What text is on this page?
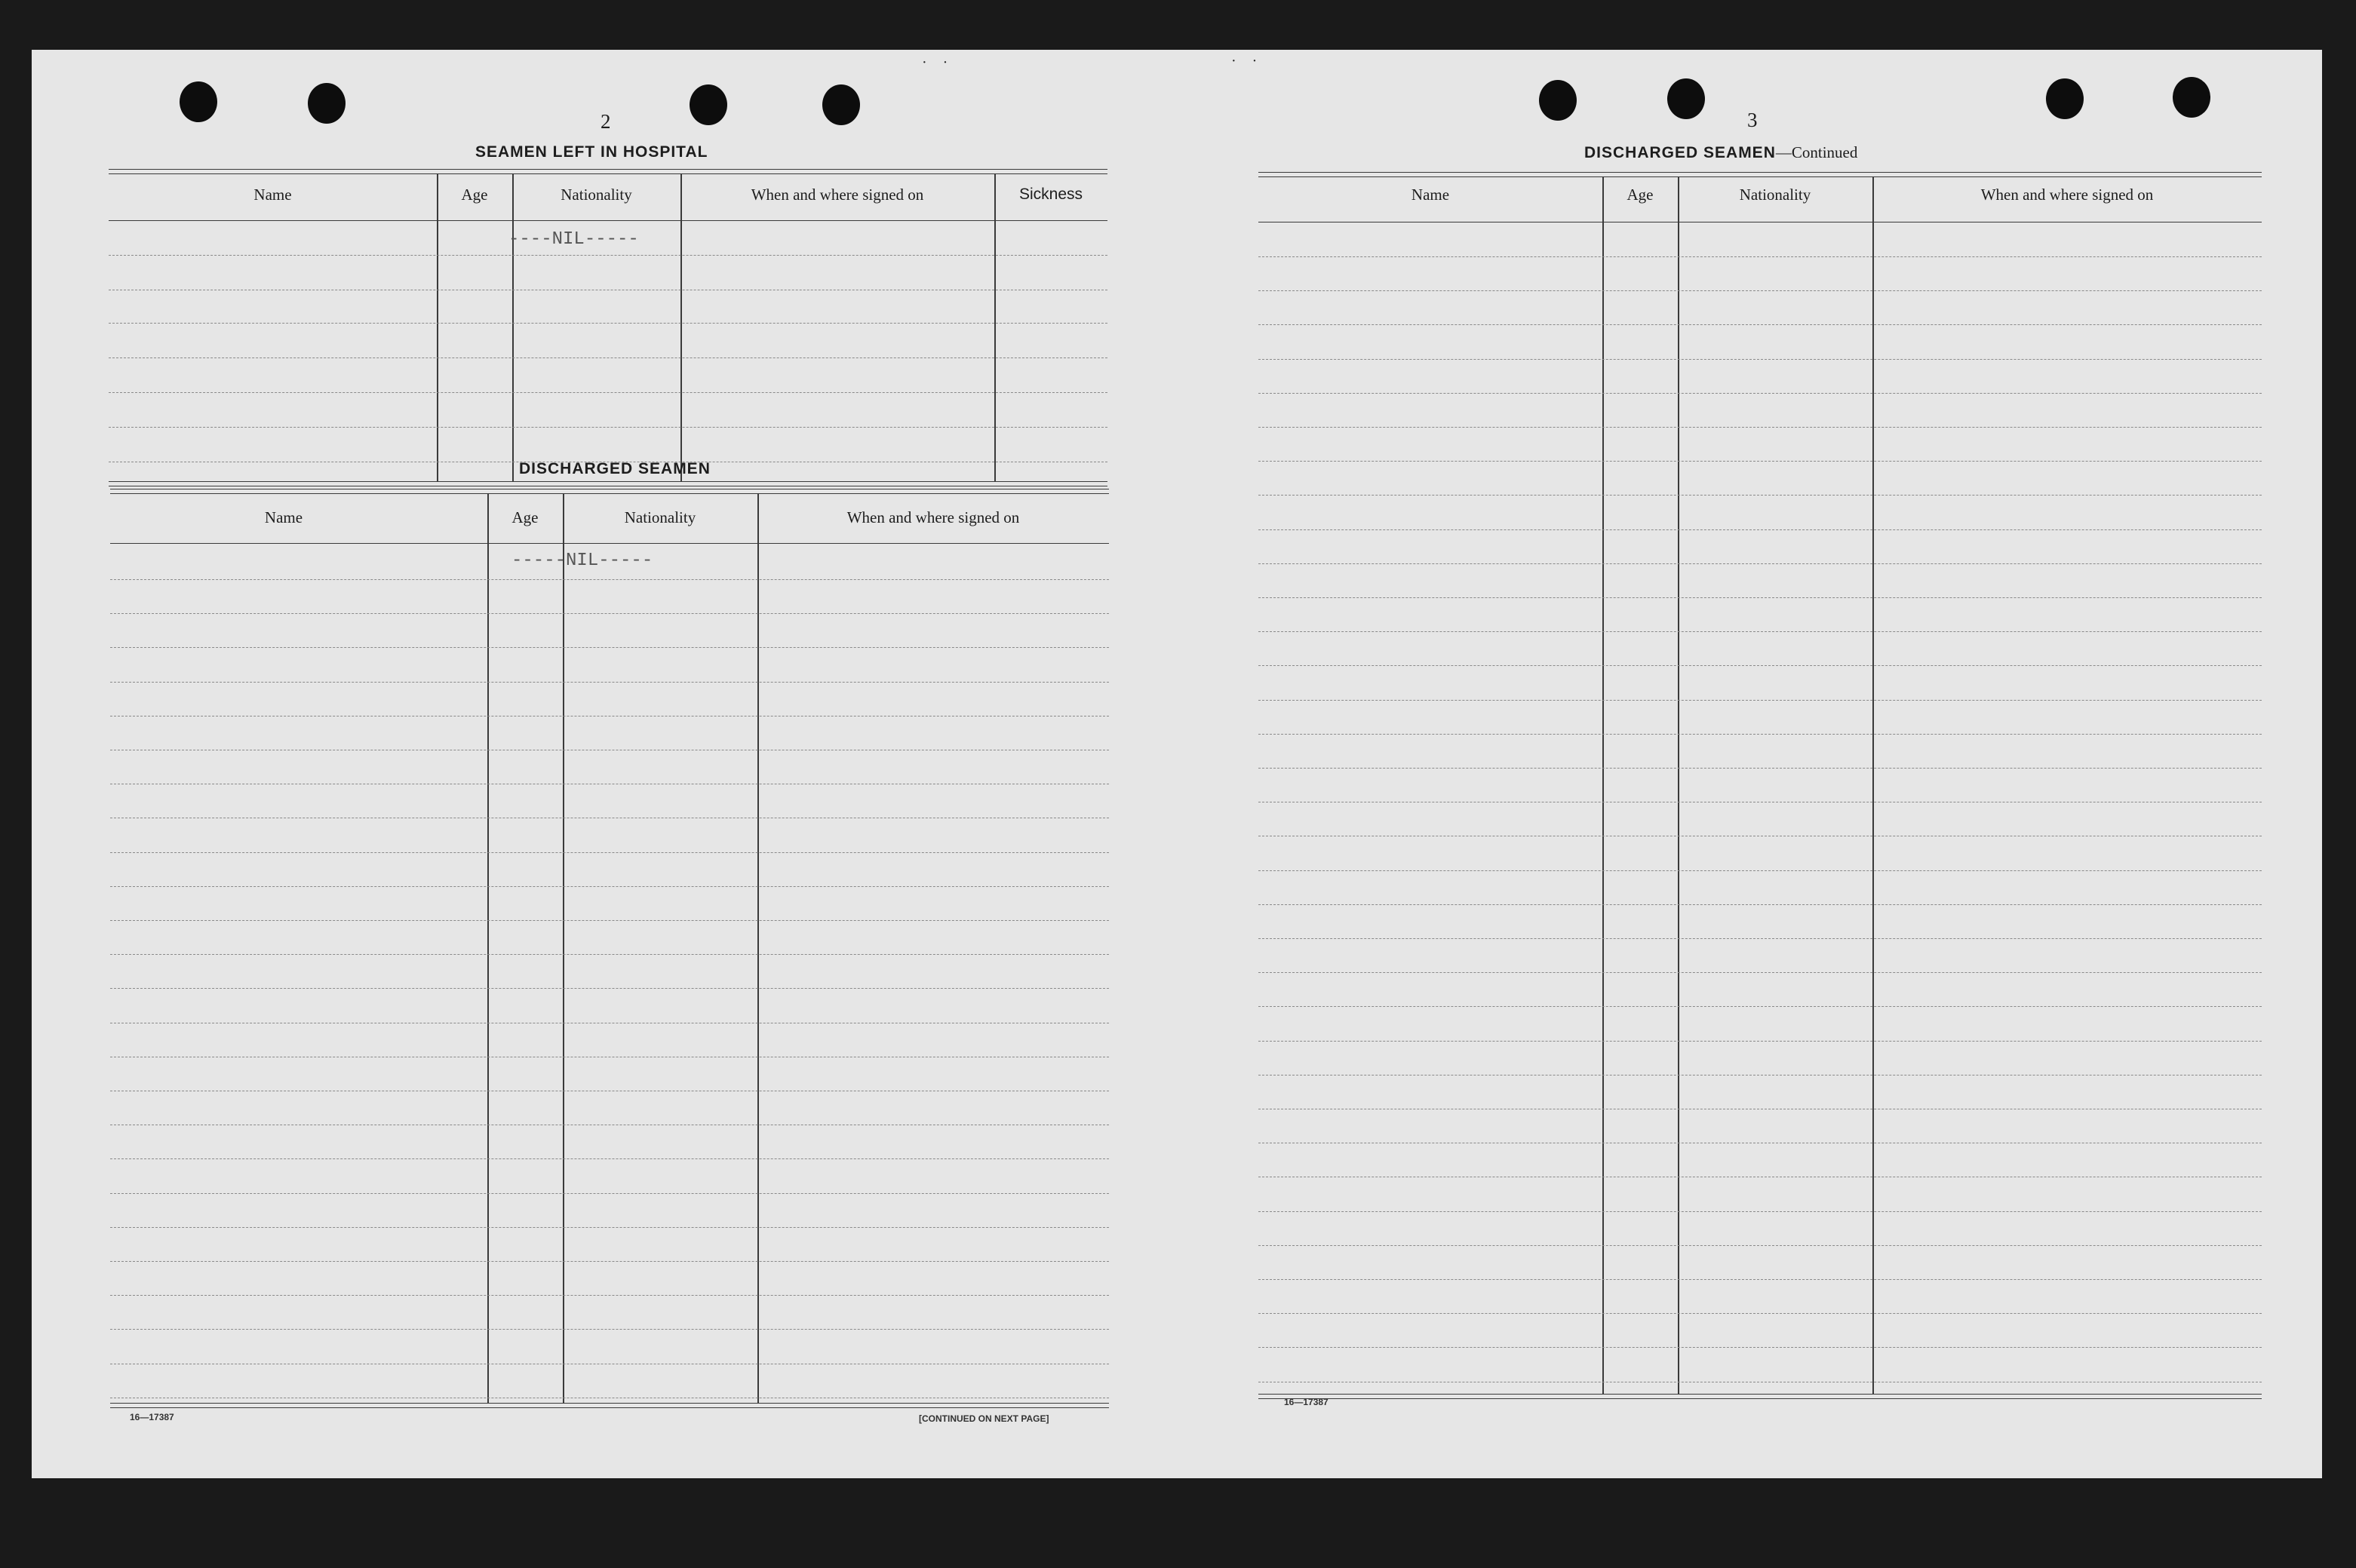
· ·	· ·
2
SEAMEN LEFT IN HOSPITAL
Name	Age	Nationality	When and where signed on	Sickness
----NIL-----
DISCHARGED SEAMEN
Name	Age	Nationality	When and where signed on
-----NIL-----
16—17387	[CONTINUED ON NEXT PAGE]
3
DISCHARGED SEAMEN—Continued
Name	Age	Nationality	When and where signed on
16—17387
